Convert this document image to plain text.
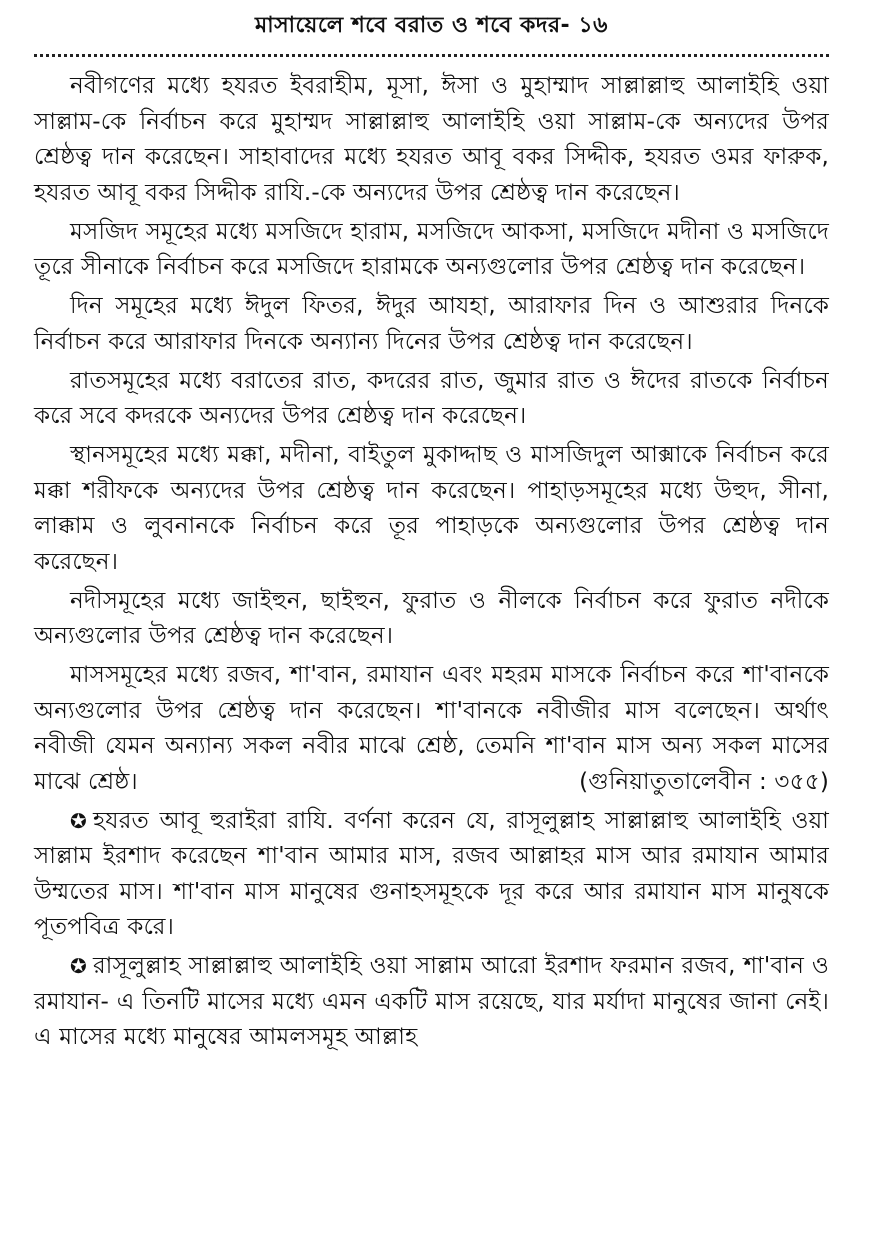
মাসায়েলে শবে বরাত ও শবে কদর- ১৬

নবীগণের মধ্যে হযরত ইবরাহীম, মূসা, ঈসা ও মুহাম্মাদ সাল্লাল্লাহু আলাইহি ওয়া সাল্লাম-কে নির্বাচন করে মুহাম্মদ সাল্লাল্লাহু আলাইহি ওয়া সাল্লাম-কে অন্যদের উপর শ্রেষ্ঠত্ব দান করেছেন। সাহাবাদের মধ্যে হযরত আবূ বকর সিদ্দীক, হযরত ওমর ফারুক, হযরত আবূ বকর সিদ্দীক রাযি.-কে অন্যদের উপর শ্রেষ্ঠত্ব দান করেছেন।

মসজিদ সমূহের মধ্যে মসজিদে হারাম, মসজিদে আকসা, মসজিদে মদীনা ও মসজিদে তূরে সীনাকে নির্বাচন করে মসজিদে হারামকে অন্যগুলোর উপর শ্রেষ্ঠত্ব দান করেছেন।

দিন সমূহের মধ্যে ঈদুল ফিতর, ঈদুর আযহা, আরাফার দিন ও আশুরার দিনকে নির্বাচন করে আরাফার দিনকে অন্যান্য দিনের উপর শ্রেষ্ঠত্ব দান করেছেন।

রাতসমূহের মধ্যে বরাতের রাত, কদরের রাত, জুমার রাত ও ঈদের রাতকে নির্বাচন করে সবে কদরকে অন্যদের উপর শ্রেষ্ঠত্ব দান করেছেন।

স্থানসমূহের মধ্যে মক্কা, মদীনা, বাইতুল মুকাদ্দাছ ও মাসজিদুল আক্সাকে নির্বাচন করে মক্কা শরীফকে অন্যদের উপর শ্রেষ্ঠত্ব দান করেছেন। পাহাড়সমূহের মধ্যে উহুদ, সীনা, লাক্কাম ও লুবনানকে নির্বাচন করে তূর পাহাড়কে অন্যগুলোর উপর শ্রেষ্ঠত্ব দান করেছেন।

নদীসমূহের মধ্যে জাইহুন, ছাইহুন, ফুরাত ও নীলকে নির্বাচন করে ফুরাত নদীকে অন্যগুলোর উপর শ্রেষ্ঠত্ব দান করেছেন।

মাসসমূহের মধ্যে রজব, শা'বান, রমাযান এবং মহরম মাসকে নির্বাচন করে শা'বানকে অন্যগুলোর উপর শ্রেষ্ঠত্ব দান করেছেন। শা'বানকে নবীজীর মাস বলেছেন। অর্থাৎ নবীজী যেমন অন্যান্য সকল নবীর মাঝে শ্রেষ্ঠ, তেমনি শা'বান মাস অন্য সকল মাসের মাঝে শ্রেষ্ঠ।	(গুনিয়াতুতালেবীন : ৩৫৫)

✪ হযরত আবূ হুরাইরা রাযি. বর্ণনা করেন যে, রাসূলুল্লাহ সাল্লাল্লাহু আলাইহি ওয়া সাল্লাম ইরশাদ করেছেন শা'বান আমার মাস, রজব আল্লাহর মাস আর রমাযান আমার উম্মতের মাস। শা'বান মাস মানুষের গুনাহসমূহকে দূর করে আর রমাযান মাস মানুষকে পূতপবিত্র করে।

✪ রাসূলুল্লাহ সাল্লাল্লাহু আলাইহি ওয়া সাল্লাম আরো ইরশাদ ফরমান রজব, শা'বান ও রমাযান- এ তিনটি মাসের মধ্যে এমন একটি মাস রয়েছে, যার মর্যাদা মানুষের জানা নেই। এ মাসের মধ্যে মানুষের আমলসমূহ আল্লাহ
